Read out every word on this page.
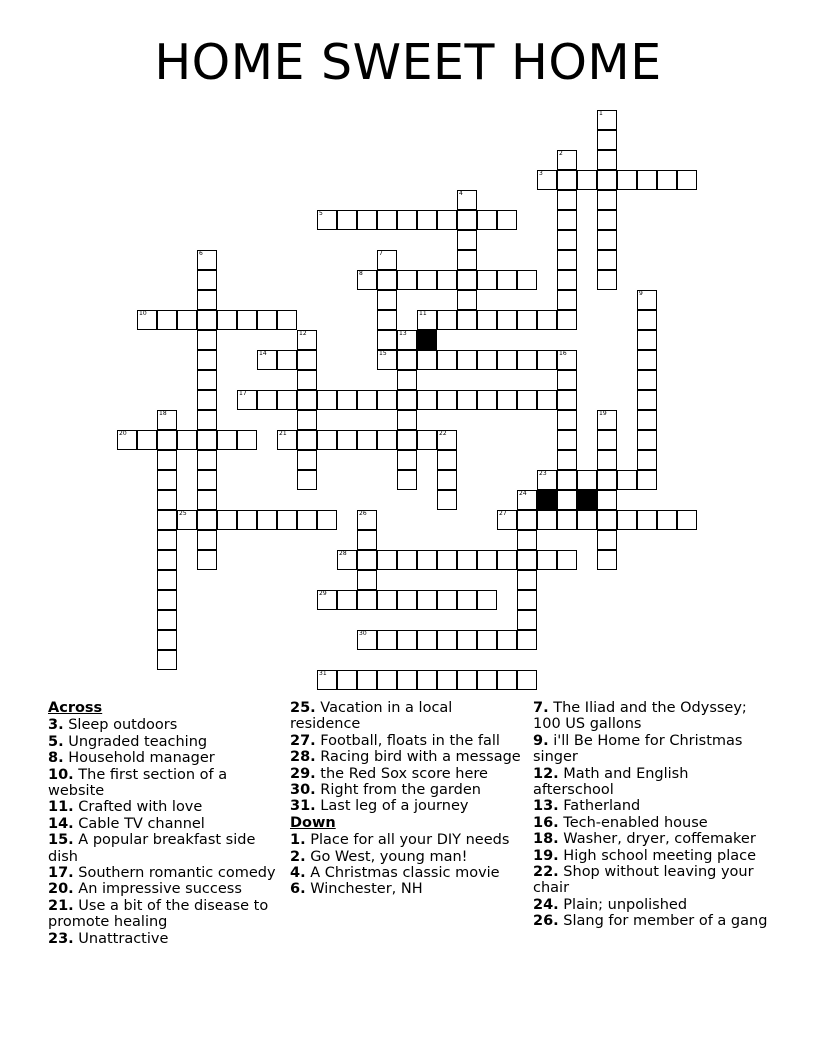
HOME SWEET HOME
1
2
3
4
5
6	7
15
8
9
10	11
12	13
14	16
17
18	19
20	21	22
23
24
25	26	27
28
29
30
31
Across
3. Sleep outdoors
5. Ungraded teaching
8. Household manager
10. The first section of a website
11. Crafted with love
14. Cable TV channel
15. A popular breakfast side dish
17. Southern romantic comedy
20. An impressive success
21. Use a bit of the disease to promote healing
23. Unattractive
25. Vacation in a local residence
27. Football, floats in the fall
28. Racing bird with a message
29. the Red Sox score here
30. Right from the garden
31. Last leg of a journey
Down
1. Place for all your DIY needs
2. Go West, young man!
4. A Christmas classic movie
6. Winchester, NH
7. The Iliad and the Odyssey; 100 US gallons
9. i'll Be Home for Christmas singer
12. Math and English afterschool
13. Fatherland
16. Tech-enabled house
18. Washer, dryer, coffemaker
19. High school meeting place
22. Shop without leaving your chair
24. Plain; unpolished
26. Slang for member of a gang
